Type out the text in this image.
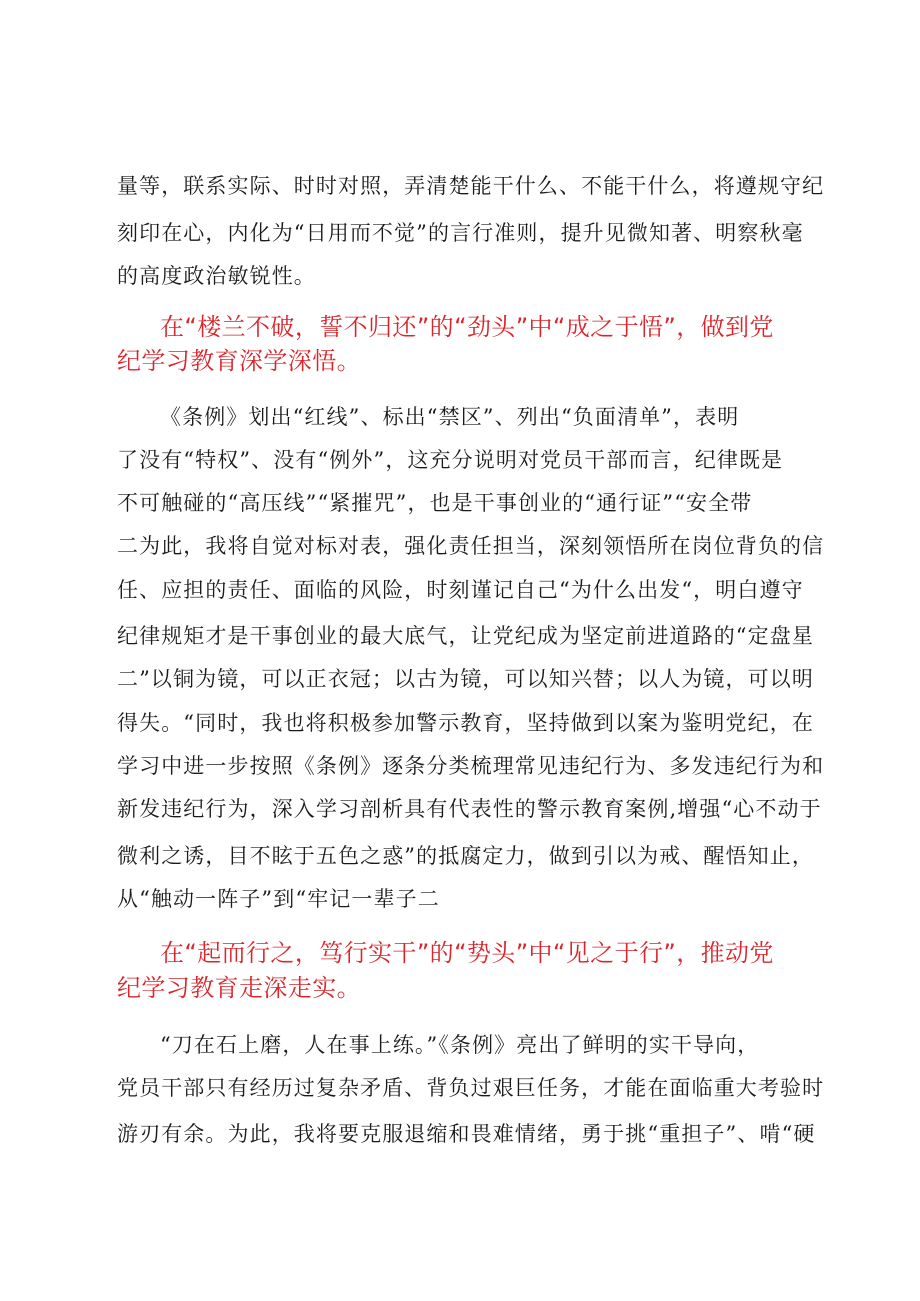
量等，联系实际、时时对照，弄清楚能干什么、不能干什么，将遵规守纪
刻印在心，内化为“日用而不觉”的言行准则，提升见微知著、明察秋毫
的高度政治敏锐性。
在“楼兰不破，誓不归还”的“劲头”中“成之于悟”，做到党
纪学习教育深学深悟。
《条例》划出“红线”、标出“禁区”、列出“负面清单”，表明
了没有“特权”、没有“例外”，这充分说明对党员干部而言，纪律既是
不可触碰的“高压线”“紧摧咒”，也是干事创业的“通行证”“安全带
二为此，我将自觉对标对表，强化责任担当，深刻领悟所在岗位背负的信
任、应担的责任、面临的风险，时刻谨记自己“为什么出发“，明白遵守
纪律规矩才是干事创业的最大底气，让党纪成为坚定前进道路的“定盘星
二”以铜为镜，可以正衣冠；以古为镜，可以知兴替；以人为镜，可以明
得失。“同时，我也将积极参加警示教育，坚持做到以案为鉴明党纪，在
学习中进一步按照《条例》逐条分类梳理常见违纪行为、多发违纪行为和
新发违纪行为，深入学习剖析具有代表性的警示教育案例,增强“心不动于
微利之诱，目不眩于五色之惑”的抵腐定力，做到引以为戒、醒悟知止，
从“触动一阵子”到“牢记一辈子二
在“起而行之，笃行实干”的“势头”中“见之于行”，推动党
纪学习教育走深走实。
“刀在石上磨，人在事上练。”《条例》亮出了鲜明的实干导向，
党员干部只有经历过复杂矛盾、背负过艰巨任务，才能在面临重大考验时
游刃有余。为此，我将要克服退缩和畏难情绪，勇于挑“重担子”、啃“硬
